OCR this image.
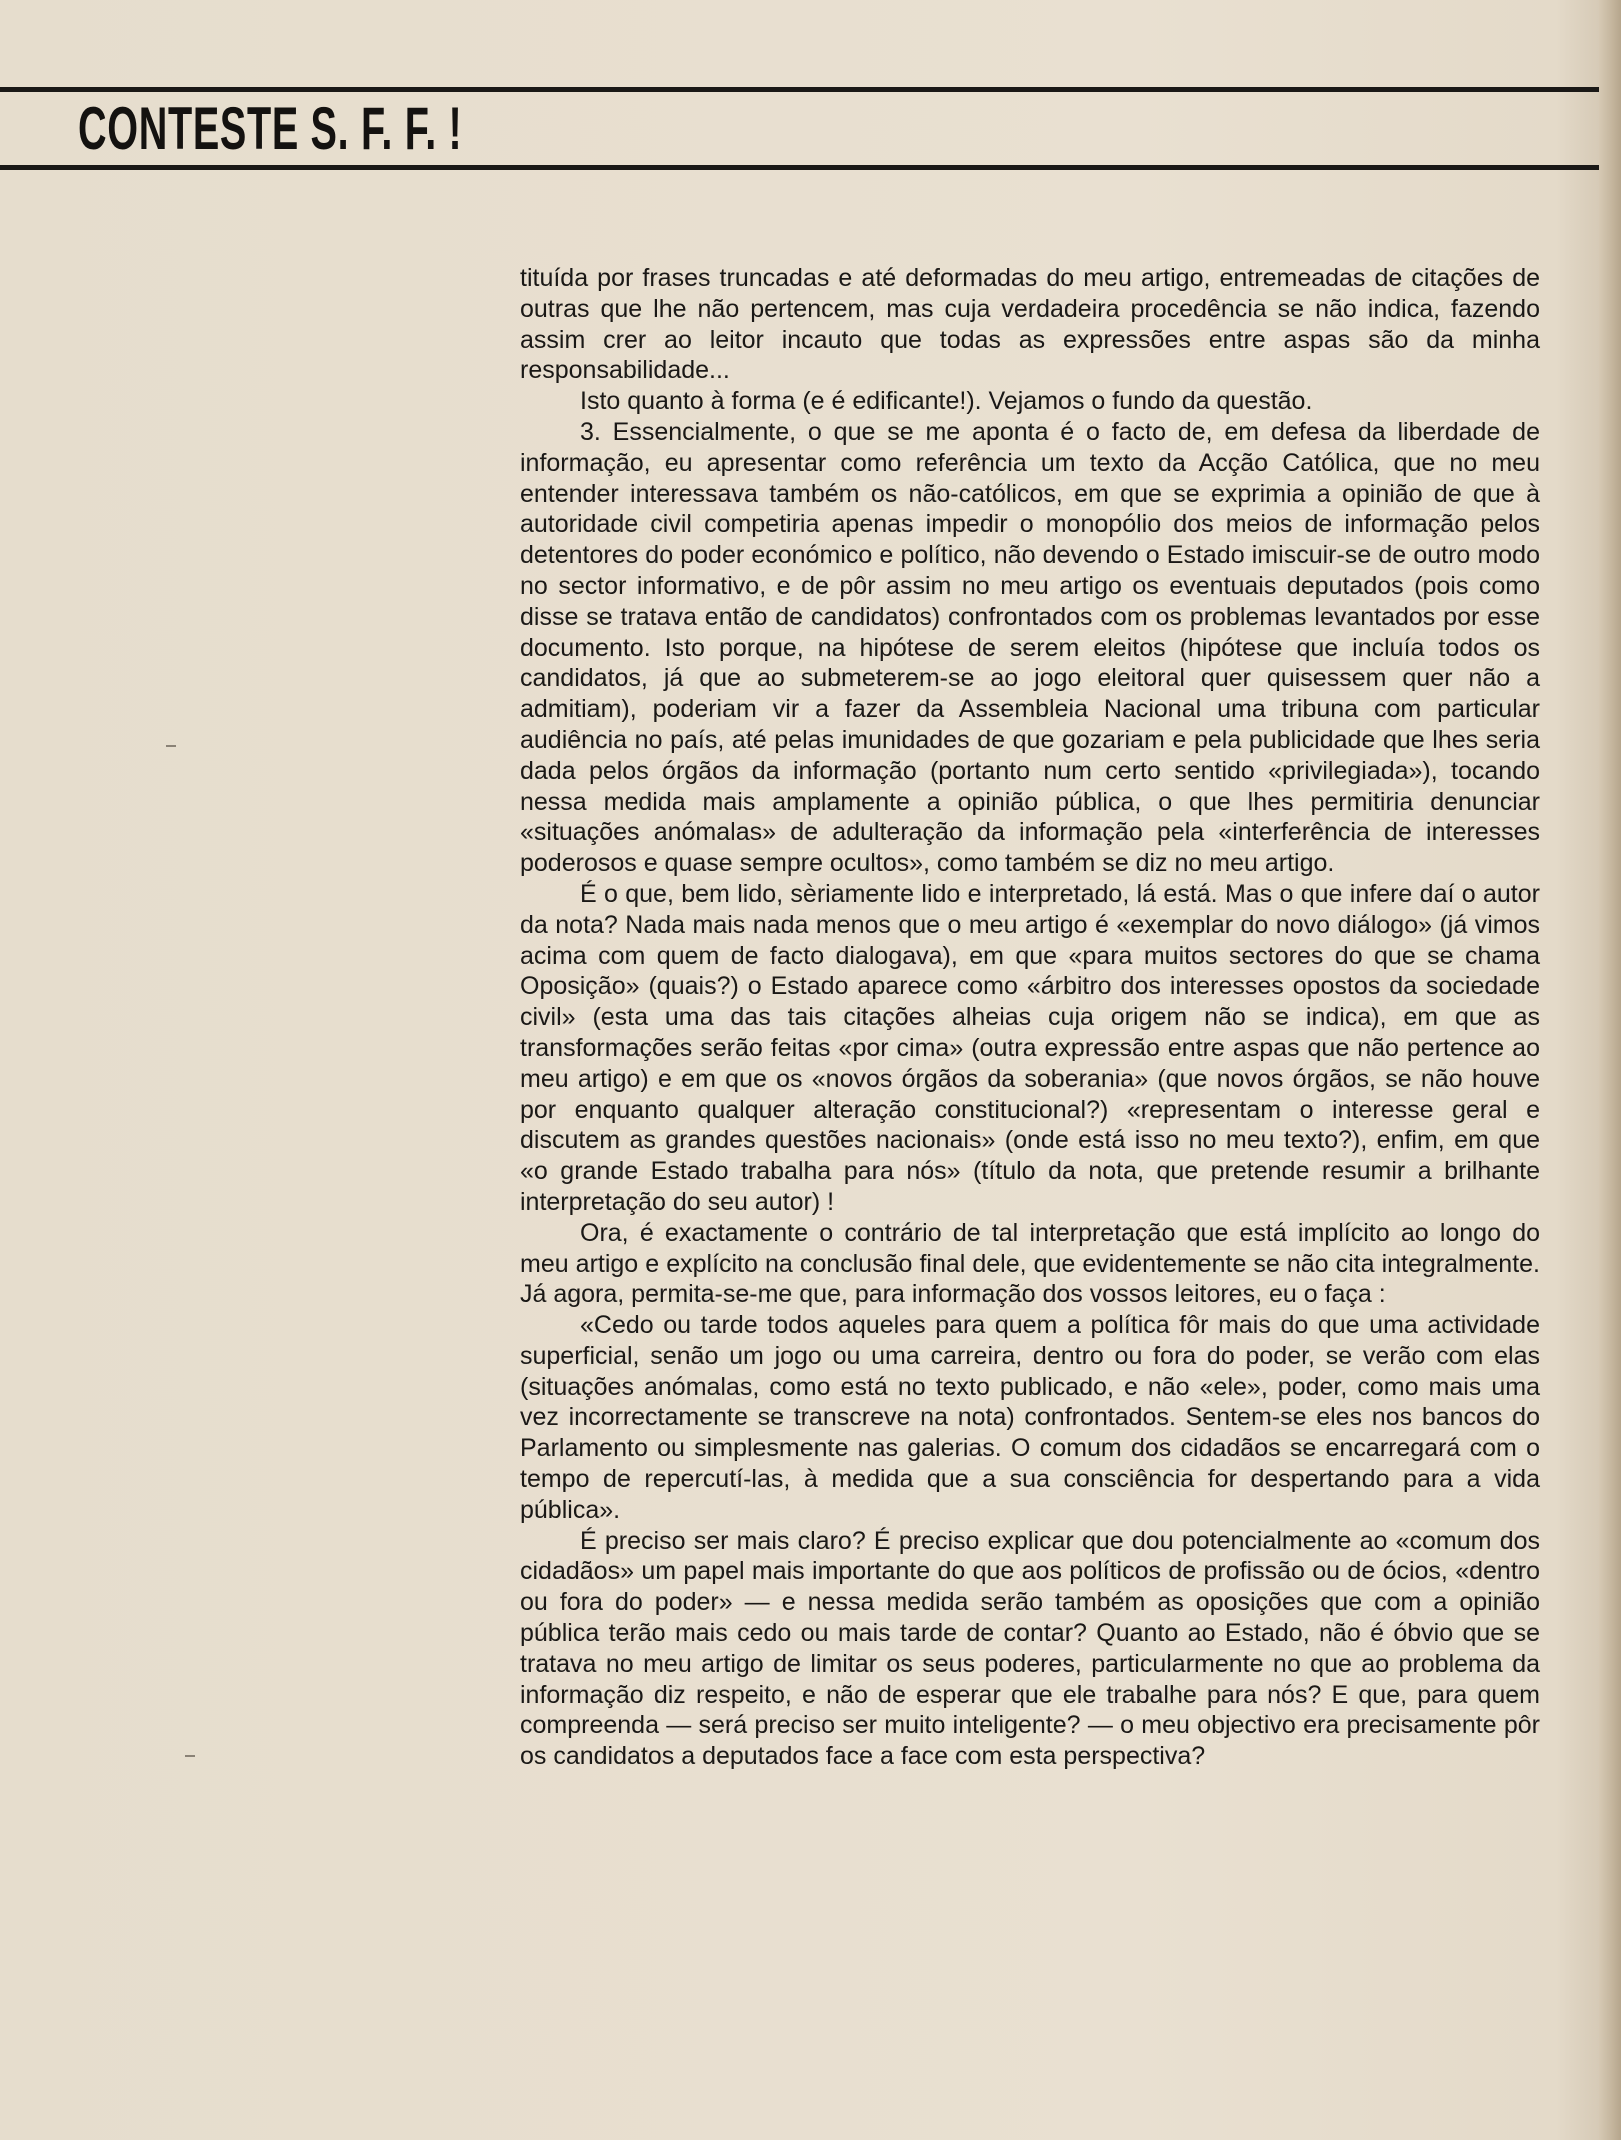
CONTESTE S. F. F. !

tituída por frases truncadas e até deformadas do meu artigo, entremeadas de citações de outras que lhe não pertencem, mas cuja verdadeira procedência se não indica, fazendo assim crer ao leitor incauto que todas as expressões entre aspas são da minha responsabilidade...

Isto quanto à forma (e é edificante!). Vejamos o fundo da questão.

3. Essencialmente, o que se me aponta é o facto de, em defesa da liberdade de informação, eu apresentar como referência um texto da Acção Católica, que no meu entender interessava também os não-católicos, em que se exprimia a opinião de que à autoridade civil competiria apenas impedir o monopólio dos meios de informação pelos detentores do poder económico e político, não devendo o Estado imiscuir-se de outro modo no sector informativo, e de pôr assim no meu artigo os eventuais deputados (pois como disse se tratava então de candidatos) confrontados com os problemas levantados por esse documento. Isto porque, na hipótese de serem eleitos (hipótese que incluía todos os candidatos, já que ao submeterem-se ao jogo eleitoral quer quisessem quer não a admitiam), poderiam vir a fazer da Assembleia Nacional uma tribuna com particular audiência no país, até pelas imunidades de que gozariam e pela publicidade que lhes seria dada pelos órgãos da informação (portanto num certo sentido «privilegiada»), tocando nessa medida mais amplamente a opinião pública, o que lhes permitiria denunciar «situações anómalas» de adulteração da informação pela «interferência de interesses poderosos e quase sempre ocultos», como também se diz no meu artigo.

É o que, bem lido, sèriamente lido e interpretado, lá está. Mas o que infere daí o autor da nota? Nada mais nada menos que o meu artigo é «exemplar do novo diálogo» (já vimos acima com quem de facto dialogava), em que «para muitos sectores do que se chama Oposição» (quais?) o Estado aparece como «árbitro dos interesses opostos da sociedade civil» (esta uma das tais citações alheias cuja origem não se indica), em que as transformações serão feitas «por cima» (outra expressão entre aspas que não pertence ao meu artigo) e em que os «novos órgãos da soberania» (que novos órgãos, se não houve por enquanto qualquer alteração constitucional?) «representam o interesse geral e discutem as grandes questões nacionais» (onde está isso no meu texto?), enfim, em que «o grande Estado trabalha para nós» (título da nota, que pretende resumir a brilhante interpretação do seu autor) !

Ora, é exactamente o contrário de tal interpretação que está implícito ao longo do meu artigo e explícito na conclusão final dele, que evidentemente se não cita integralmente. Já agora, permita-se-me que, para informação dos vossos leitores, eu o faça :

«Cedo ou tarde todos aqueles para quem a política fôr mais do que uma actividade superficial, senão um jogo ou uma carreira, dentro ou fora do poder, se verão com elas (situações anómalas, como está no texto publicado, e não «ele», poder, como mais uma vez incorrectamente se transcreve na nota) confrontados. Sentem-se eles nos bancos do Parlamento ou simplesmente nas galerias. O comum dos cidadãos se encarregará com o tempo de repercutí-las, à medida que a sua consciência for despertando para a vida pública».

É preciso ser mais claro? É preciso explicar que dou potencialmente ao «comum dos cidadãos» um papel mais importante do que aos políticos de profissão ou de ócios, «dentro ou fora do poder» — e nessa medida serão também as oposições que com a opinião pública terão mais cedo ou mais tarde de contar? Quanto ao Estado, não é óbvio que se tratava no meu artigo de limitar os seus poderes, particularmente no que ao problema da informação diz respeito, e não de esperar que ele trabalhe para nós? E que, para quem compreenda — será preciso ser muito inteligente? — o meu objectivo era precisamente pôr os candidatos a deputados face a face com esta perspectiva?
